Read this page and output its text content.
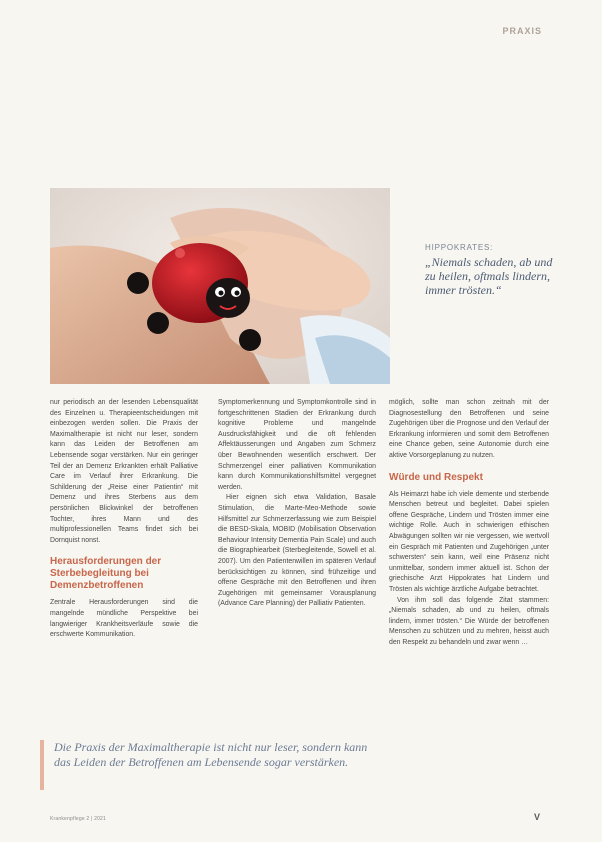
PRAXIS
HIPPOKRATES:
„Niemals schaden, ab und zu heilen, oftmals lindern, immer trösten.“

nur periodisch an der lesenden Lebensqualität des Einzelnen u. Therapieentscheidungen mit einbezogen werden sollen. Die Praxis der Maximaltherapie ist nicht nur leser, sondern kann das Leiden der Betroffenen am Lebensende sogar verstärken. Nur ein geringer Teil der an Demenz Erkrankten erhält Palliative Care im Verlauf ihrer Erkrankung. Die Schilderung der „Reise einer Patientin“ mit Demenz und ihres Sterbens aus dem persönlichen Blickwinkel der betroffenen Tochter, ihres Mann und des multiprofessionellen Teams findet sich bei Dornquist nonst.

Herausforderungen der Sterbebegleitung bei Demenzbetroffenen

Zentrale Herausforderungen sind die mangelnde mündliche Perspektive bei langwieriger Krankheitsverläufe sowie die erschwerte Kommunikation.

Symptomerkennung und Symptomkontrolle sind in fortgeschrittenen Stadien der Erkrankung durch kognitive Probleme und mangelnde Ausdrucksfähigkeit und die oft fehlenden Affektäusserungen und Angaben zum Schmerz über Bewohnenden wesentlich erschwert. Der Schmerzengel einer palliativen Kommunikation kann durch Kommunikationshilfsmittel vergegnet werden.

Hier eignen sich etwa Validation, Basale Stimulation, die Marte-Meo-Methode sowie Hilfsmittel zur Schmerzerfassung wie zum Beispiel die BESD-Skala, MOBID (Mobilisation Observation Behaviour Intensity Dementia Pain Scale) und auch die Biographiearbeit (Sterbegleitende, Sowell et al. 2007). Um den Patientenwillen im späteren Verlauf berücksichtigen zu können, sind frühzeitige und offene Gespräche mit den Betroffenen und ihren Zugehörigen mit gemeinsamer Vorausplanung (Advance Care Planning) der Palliativ Patienten.

möglich, sollte man schon zeitnah mit der Diagnosestellung den Betroffenen und seine Zugehörigen über die Prognose und den Verlauf der Erkrankung informieren und somit dem Betroffenen eine Chance geben, seine Autonomie durch eine aktive Vorsorgeplanung zu nutzen.

Würde und Respekt

Als Heimarzt habe ich viele demente und sterbende Menschen betreut und begleitet. Dabei spielen offene Gespräche, Lindern und Trösten immer eine wichtige Rolle. Auch in schwierigen ethischen Abwägungen sollten wir nie vergessen, wie wertvoll ein Gespräch mit Patienten und Zugehörigen „unter schwersten“ sein kann, weil eine Präsenz nicht unmittelbar, sondern immer aktuell ist. Schon der griechische Arzt Hippokrates hat Lindern und Trösten als wichtige ärztliche Aufgabe betrachtet.

Von ihm soll das folgende Zitat stammen: „Niemals schaden, ab und zu heilen, oftmals lindern, immer trösten.“ Die Würde der betroffenen Menschen zu schützen und zu mehren, heisst auch den Respekt zu behandeln und zwar wenn …

Die Praxis der Maximaltherapie ist nicht nur leser, sondern kann das Leiden der Betroffenen am Lebensende sogar verstärken.
Krankenpflege 2 | 2021	V
